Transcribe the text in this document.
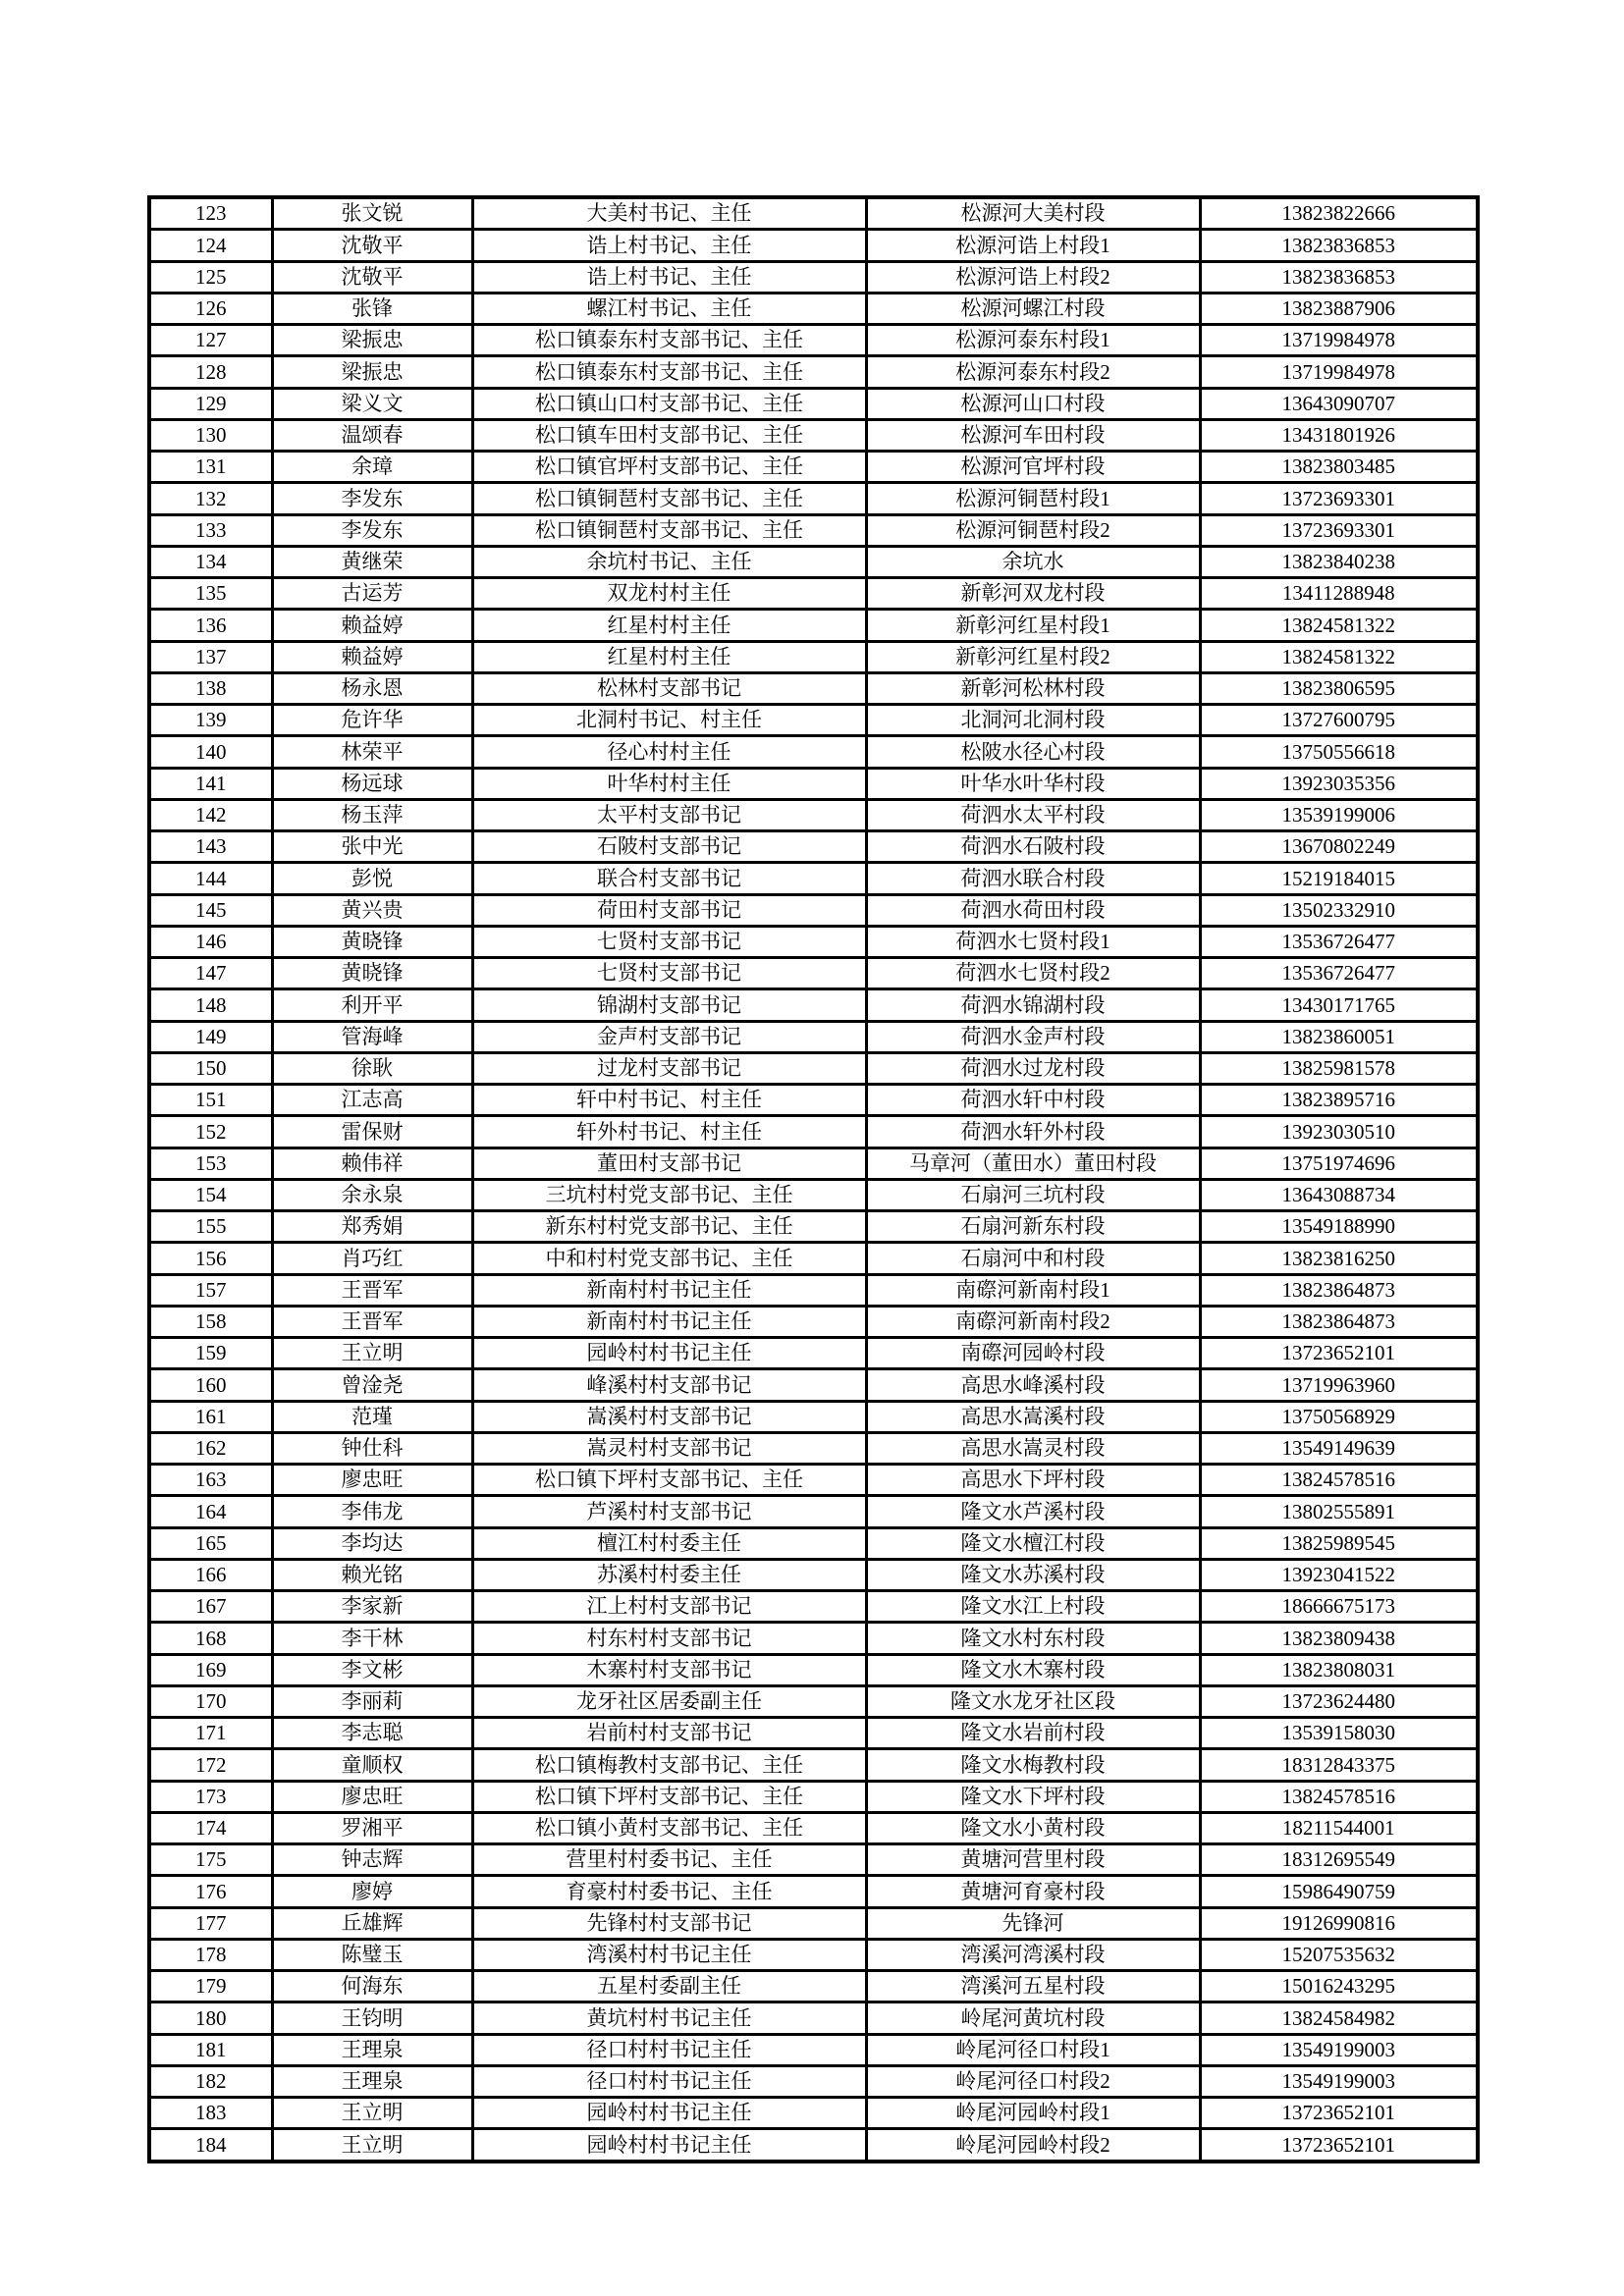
123	张文锐	大美村书记、主任	松源河大美村段	13823822666
124	沈敬平	诰上村书记、主任	松源河诰上村段1	13823836853
125	沈敬平	诰上村书记、主任	松源河诰上村段2	13823836853
126	张锋	螺江村书记、主任	松源河螺江村段	13823887906
127	梁振忠	松口镇泰东村支部书记、主任	松源河泰东村段1	13719984978
128	梁振忠	松口镇泰东村支部书记、主任	松源河泰东村段2	13719984978
129	梁义文	松口镇山口村支部书记、主任	松源河山口村段	13643090707
130	温颂春	松口镇车田村支部书记、主任	松源河车田村段	13431801926
131	余璋	松口镇官坪村支部书记、主任	松源河官坪村段	13823803485
132	李发东	松口镇铜琶村支部书记、主任	松源河铜琶村段1	13723693301
133	李发东	松口镇铜琶村支部书记、主任	松源河铜琶村段2	13723693301
134	黄继荣	余坑村书记、主任	余坑水	13823840238
135	古运芳	双龙村村主任	新彰河双龙村段	13411288948
136	赖益婷	红星村村主任	新彰河红星村段1	13824581322
137	赖益婷	红星村村主任	新彰河红星村段2	13824581322
138	杨永恩	松林村支部书记	新彰河松林村段	13823806595
139	危许华	北洞村书记、村主任	北洞河北洞村段	13727600795
140	林荣平	径心村村主任	松陂水径心村段	13750556618
141	杨远球	叶华村村主任	叶华水叶华村段	13923035356
142	杨玉萍	太平村支部书记	荷泗水太平村段	13539199006
143	张中光	石陂村支部书记	荷泗水石陂村段	13670802249
144	彭悦	联合村支部书记	荷泗水联合村段	15219184015
145	黄兴贵	荷田村支部书记	荷泗水荷田村段	13502332910
146	黄晓锋	七贤村支部书记	荷泗水七贤村段1	13536726477
147	黄晓锋	七贤村支部书记	荷泗水七贤村段2	13536726477
148	利开平	锦湖村支部书记	荷泗水锦湖村段	13430171765
149	管海峰	金声村支部书记	荷泗水金声村段	13823860051
150	徐耿	过龙村支部书记	荷泗水过龙村段	13825981578
151	江志高	轩中村书记、村主任	荷泗水轩中村段	13823895716
152	雷保财	轩外村书记、村主任	荷泗水轩外村段	13923030510
153	赖伟祥	董田村支部书记	马章河（董田水）董田村段	13751974696
154	余永泉	三坑村村党支部书记、主任	石扇河三坑村段	13643088734
155	郑秀娟	新东村村党支部书记、主任	石扇河新东村段	13549188990
156	肖巧红	中和村村党支部书记、主任	石扇河中和村段	13823816250
157	王晋军	新南村村书记主任	南磜河新南村段1	13823864873
158	王晋军	新南村村书记主任	南磜河新南村段2	13823864873
159	王立明	园岭村村书记主任	南磜河园岭村段	13723652101
160	曾淦尧	峰溪村村支部书记	高思水峰溪村段	13719963960
161	范瑾	嵩溪村村支部书记	高思水嵩溪村段	13750568929
162	钟仕科	嵩灵村村支部书记	高思水嵩灵村段	13549149639
163	廖忠旺	松口镇下坪村支部书记、主任	高思水下坪村段	13824578516
164	李伟龙	芦溪村村支部书记	隆文水芦溪村段	13802555891
165	李均达	檀江村村委主任	隆文水檀江村段	13825989545
166	赖光铭	苏溪村村委主任	隆文水苏溪村段	13923041522
167	李家新	江上村村支部书记	隆文水江上村段	18666675173
168	李干林	村东村村支部书记	隆文水村东村段	13823809438
169	李文彬	木寨村村支部书记	隆文水木寨村段	13823808031
170	李丽莉	龙牙社区居委副主任	隆文水龙牙社区段	13723624480
171	李志聪	岩前村村支部书记	隆文水岩前村段	13539158030
172	童顺权	松口镇梅教村支部书记、主任	隆文水梅教村段	18312843375
173	廖忠旺	松口镇下坪村支部书记、主任	隆文水下坪村段	13824578516
174	罗湘平	松口镇小黄村支部书记、主任	隆文水小黄村段	18211544001
175	钟志辉	营里村村委书记、主任	黄塘河营里村段	18312695549
176	廖婷	育豪村村委书记、主任	黄塘河育豪村段	15986490759
177	丘雄辉	先锋村村支部书记	先锋河	19126990816
178	陈璧玉	湾溪村村书记主任	湾溪河湾溪村段	15207535632
179	何海东	五星村委副主任	湾溪河五星村段	15016243295
180	王钧明	黄坑村村书记主任	岭尾河黄坑村段	13824584982
181	王理泉	径口村村书记主任	岭尾河径口村段1	13549199003
182	王理泉	径口村村书记主任	岭尾河径口村段2	13549199003
183	王立明	园岭村村书记主任	岭尾河园岭村段1	13723652101
184	王立明	园岭村村书记主任	岭尾河园岭村段2	13723652101
